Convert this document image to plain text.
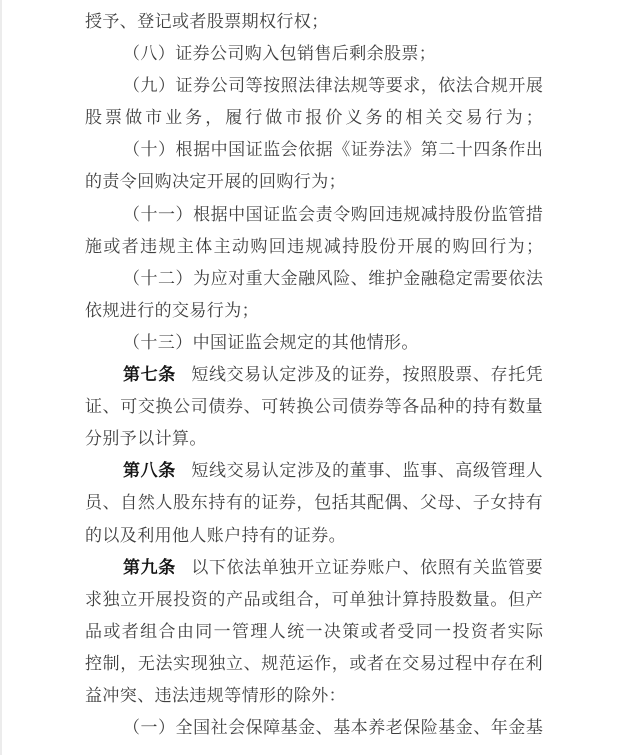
授予、登记或者股票期权行权；
（八）证券公司购入包销售后剩余股票；
（ 九 ） 证 券 公 司 等 按 照 法 律 法 规 等 要 求 ， 依 法 合 规 开 展
股 票 做 市 业 务 ， 履 行 做 市 报 价 义 务 的 相 关 交 易 行 为 ；
（ 十 ） 根 据 中 国 证 监 会 依 据 《 证 券 法 》 第 二 十 四 条 作 出
的责令回购决定开展的回购行为；
（ 十 一 ） 根 据 中 国 证 监 会 责 令 购 回 违 规 减 持 股 份 监 管 措
施 或 者 违 规 主 体 主 动 购 回 违 规 减 持 股 份 开 展 的 购 回 行 为 ；
（ 十 二 ） 为 应 对 重 大 金 融 风 险 、 维 护 金 融 稳 定 需 要 依 法
依规进行的交易行为；
（十三）中国证监会规定的其他情形。
第 七 条 短 线 交 易 认 定 涉 及 的 证 券 ， 按 照 股 票 、 存 托 凭
证 、 可 交 换 公 司 债 券 、 可 转 换 公 司 债 券 等 各 品 种 的 持 有 数 量
分别予以计算。
第 八 条 短 线 交 易 认 定 涉 及 的 董 事 、 监 事 、 高 级 管 理 人
员 、 自 然 人 股 东 持 有 的 证 券 ， 包 括 其 配 偶 、 父 母 、 子 女 持 有
的以及利用他人账户持有的证券。
第 九 条 以 下 依 法 单 独 开 立 证 券 账 户 、 依 照 有 关 监 管 要
求 独 立 开 展 投 资 的 产 品 或 组 合 ， 可 单 独 计 算 持 股 数 量 。 但 产
品 或 者 组 合 由 同 一 管 理 人 统 一 决 策 或 者 受 同 一 投 资 者 实 际
控 制 ， 无 法 实 现 独 立 、 规 范 运 作 ， 或 者 在 交 易 过 程 中 存 在 利
益冲突、违法违规等情形的除外：
（ 一 ） 全 国 社 会 保 障 基 金 、 基 本 养 老 保 险 基 金 、 年 金 基
